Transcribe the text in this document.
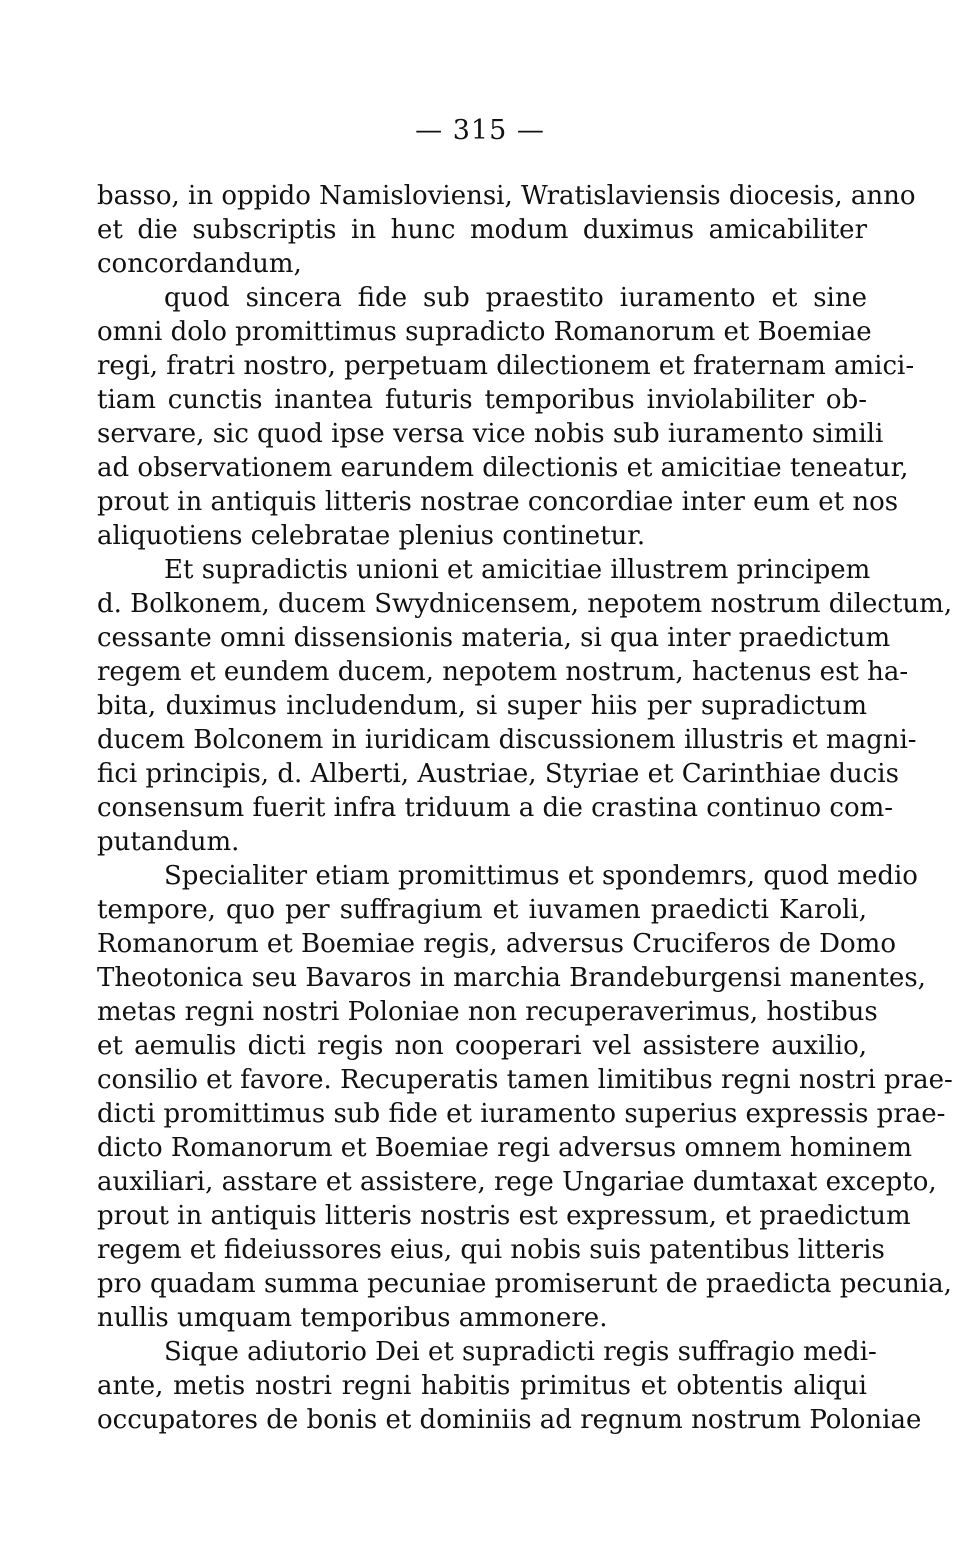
— 315 —
basso, in oppido Namisloviensi, Wratislaviensis diocesis, anno
et die subscriptis in hunc modum duximus amicabiliter
concordandum,
quod sincera fide sub praestito iuramento et sine
omni dolo promittimus supradicto Romanorum et Boemiae
regi, fratri nostro, perpetuam dilectionem et fraternam amici-
tiam cunctis inantea futuris temporibus inviolabiliter ob-
servare, sic quod ipse versa vice nobis sub iuramento simili
ad observationem earundem dilectionis et amicitiae teneatur,
prout in antiquis litteris nostrae concordiae inter eum et nos
aliquotiens celebratae plenius continetur.
Et supradictis unioni et amicitiae illustrem principem
d. Bolkonem, ducem Swydnicensem, nepotem nostrum dilectum,
cessante omni dissensionis materia, si qua inter praedictum
regem et eundem ducem, nepotem nostrum, hactenus est ha-
bita, duximus includendum, si super hiis per supradictum
ducem Bolconem in iuridicam discussionem illustris et magni-
fici principis, d. Alberti, Austriae, Styriae et Carinthiae ducis
consensum fuerit infra triduum a die crastina continuo com-
putandum.
Specialiter etiam promittimus et spondemrs, quod medio
tempore, quo per suffragium et iuvamen praedicti Karoli,
Romanorum et Boemiae regis, adversus Cruciferos de Domo
Theotonica seu Bavaros in marchia Brandeburgensi manentes,
metas regni nostri Poloniae non recuperaverimus, hostibus
et aemulis dicti regis non cooperari vel assistere auxilio,
consilio et favore. Recuperatis tamen limitibus regni nostri prae-
dicti promittimus sub fide et iuramento superius expressis prae-
dicto Romanorum et Boemiae regi adversus omnem hominem
auxiliari, asstare et assistere, rege Ungariae dumtaxat excepto,
prout in antiquis litteris nostris est expressum, et praedictum
regem et fideiussores eius, qui nobis suis patentibus litteris
pro quadam summa pecuniae promiserunt de praedicta pecunia,
nullis umquam temporibus ammonere.
Sique adiutorio Dei et supradicti regis suffragio medi-
ante, metis nostri regni habitis primitus et obtentis aliqui
occupatores de bonis et dominiis ad regnum nostrum Poloniae
